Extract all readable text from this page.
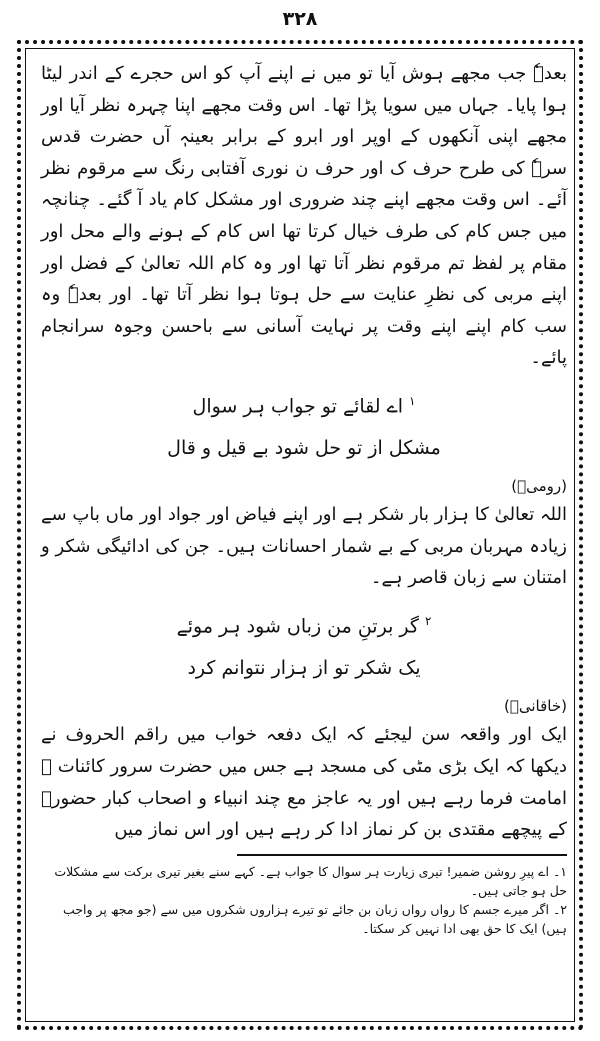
۳۲۸

بعدہٗ جب مجھے ہوش آیا تو میں نے اپنے آپ کو اس حجرے کے اندر لیٹا ہوا پایا۔ جہاں میں سویا پڑا تھا۔ اس وقت مجھے اپنا چہرہ نظر آیا اور مجھے اپنی آنکھوں کے اوپر اور ابرو کے برابر بعینہٖ آں حضرت قدس سرہٗ کی طرح حرف ک اور حرف ن نوری آفتابی رنگ سے مرقوم نظر آئے۔ اس وقت مجھے اپنے چند ضروری اور مشکل کام یاد آ گئے۔ چنانچہ میں جس کام کی طرف خیال کرتا تھا اس کام کے ہونے والے محل اور مقام پر لفظ تم مرقوم نظر آتا تھا اور وہ کام اللہ تعالیٰ کے فضل اور اپنے مربی کی نظرِ عنایت سے حل ہوتا ہوا نظر آتا تھا۔ اور بعدہٗ وہ سب کام اپنے اپنے وقت پر نہایت آسانی سے باحسن وجوہ سرانجام پائے۔

$^۱$اے لقائے تو جواب ہر سوال
مشکل از تو حل شود بے قیل و قال
(رومیؒ)

اللہ تعالیٰ کا ہزار بار شکر ہے اور اپنے فیاض اور جواد اور ماں باپ سے زیادہ مہربان مربی کے بے شمار احسانات ہیں۔ جن کی ادائیگی شکر و امتنان سے زبان قاصر ہے۔

$^۲$گر برتنِ من زباں شود ہر موئے
یک شکر تو از ہزار نتوانم کرد
(خاقانیؒ)

ایک اور واقعہ سن لیجئے کہ ایک دفعہ خواب میں راقم الحروف نے دیکھا کہ ایک بڑی مٹی کی مسجد ہے جس میں حضرت سرور کائنات ﷺ امامت فرما رہے ہیں اور یہ عاجز مع چند انبیاء و اصحاب کبار حضورؐ کے پیچھے مقتدی بن کر نماز ادا کر رہے ہیں اور اس نماز میں

۱۔ اے پیرِ روشن ضمیر! تیری زیارت ہر سوال کا جواب ہے۔ کہے سنے بغیر تیری برکت سے مشکلات حل ہو جاتی ہیں۔

۲۔ اگر میرے جسم کا رواں رواں زبان بن جائے تو تیرے ہزاروں شکروں میں سے (جو مجھ پر واجب ہیں) ایک کا حق بھی ادا نہیں کر سکتا۔
